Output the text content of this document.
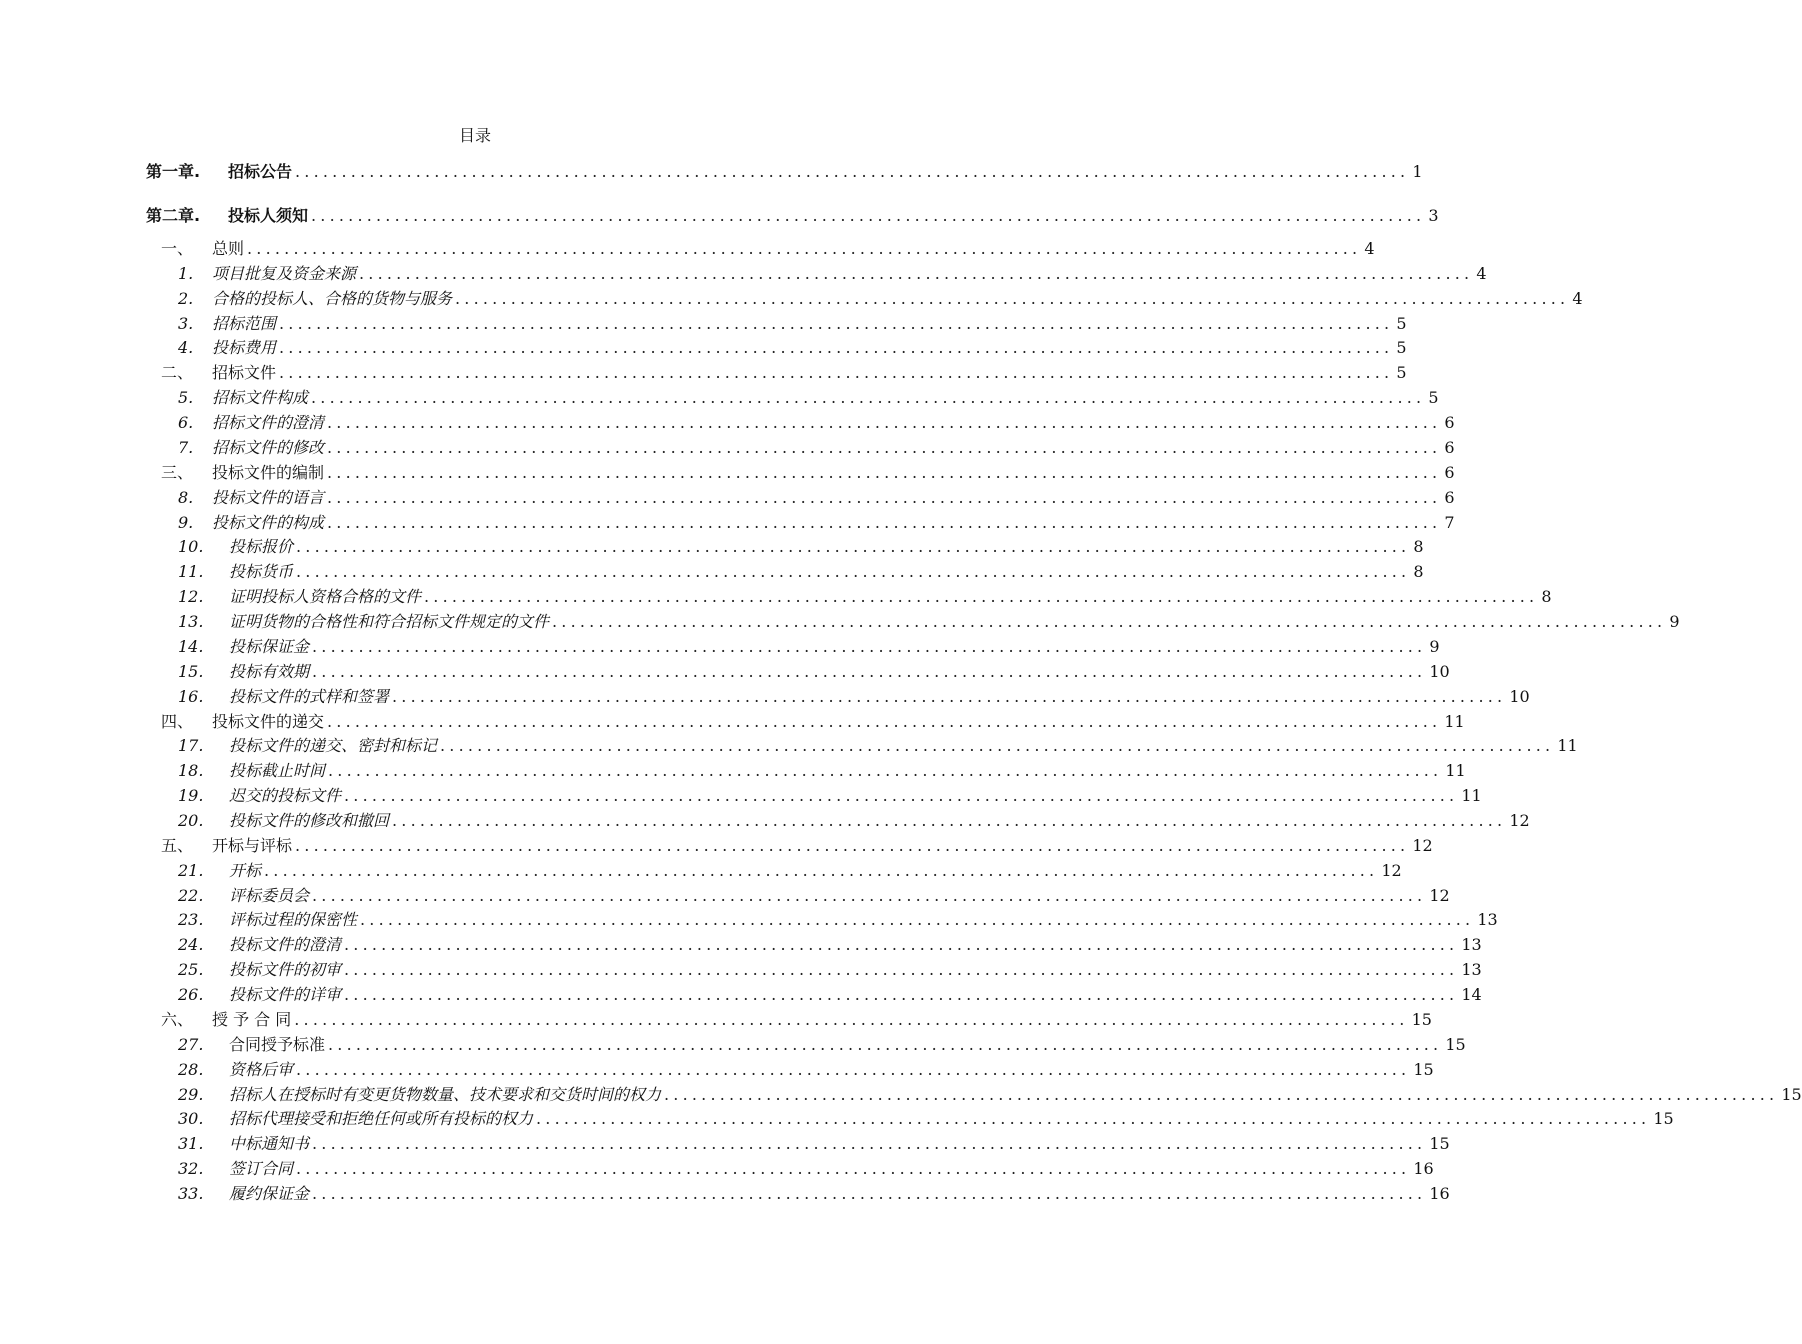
目录
第一章.	招标公告 ........................................................................................................................ 1
第二章.	投标人须知 ........................................................................................................................ 3
一、	总则 ........................................................................................................................ 4
1.	项目批复及资金来源 ........................................................................................................................ 4
2.	合格的投标人、合格的货物与服务 ........................................................................................................................ 4
3.	招标范围 ........................................................................................................................ 5
4.	投标费用 ........................................................................................................................ 5
二、	招标文件 ........................................................................................................................ 5
5.	招标文件构成 ........................................................................................................................ 5
6.	招标文件的澄清 ........................................................................................................................ 6
7.	招标文件的修改 ........................................................................................................................ 6
三、	投标文件的编制 ........................................................................................................................ 6
8.	投标文件的语言 ........................................................................................................................ 6
9.	投标文件的构成 ........................................................................................................................ 7
10.	投标报价 ........................................................................................................................ 8
11.	投标货币 ........................................................................................................................ 8
12.	证明投标人资格合格的文件 ........................................................................................................................ 8
13.	证明货物的合格性和符合招标文件规定的文件 ........................................................................................................................ 9
14.	投标保证金 ........................................................................................................................ 9
15.	投标有效期 ........................................................................................................................ 10
16.	投标文件的式样和签署 ........................................................................................................................ 10
四、	投标文件的递交 ........................................................................................................................ 11
17.	投标文件的递交、密封和标记 ........................................................................................................................ 11
18.	投标截止时间 ........................................................................................................................ 11
19.	迟交的投标文件 ........................................................................................................................ 11
20.	投标文件的修改和撤回 ........................................................................................................................ 12
五、	开标与评标 ........................................................................................................................ 12
21.	开标 ........................................................................................................................ 12
22.	评标委员会 ........................................................................................................................ 12
23.	评标过程的保密性 ........................................................................................................................ 13
24.	投标文件的澄清 ........................................................................................................................ 13
25.	投标文件的初审 ........................................................................................................................ 13
26.	投标文件的详审 ........................................................................................................................ 14
六、	授 予 合 同 ........................................................................................................................ 15
27.	合同授予标准 ........................................................................................................................ 15
28.	资格后审 ........................................................................................................................ 15
29.	招标人在授标时有变更货物数量、技术要求和交货时间的权力 ........................................................................................................................ 15
30.	招标代理接受和拒绝任何或所有投标的权力 ........................................................................................................................ 15
31.	中标通知书 ........................................................................................................................ 15
32.	签订合同 ........................................................................................................................ 16
33.	履约保证金 ........................................................................................................................ 16
